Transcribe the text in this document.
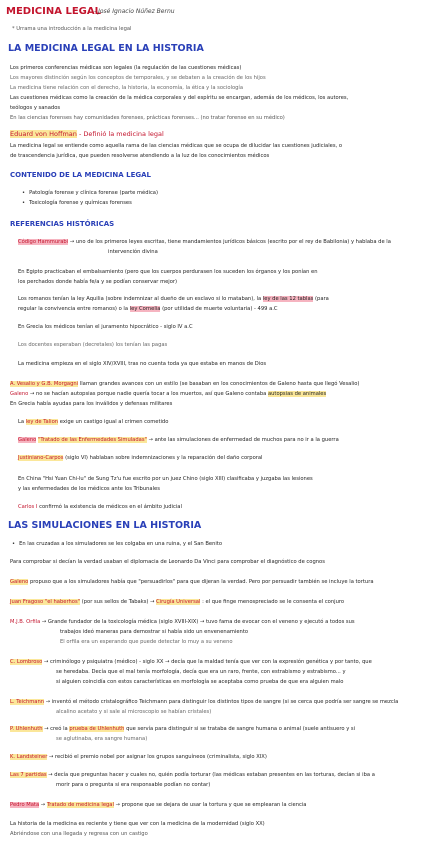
MEDICINA LEGAL
- José Ignacio Núñez Bernu
* Urrama una introducción a la medicina legal
LA MEDICINA LEGAL EN LA HISTORIA
Los primeros conferencias médicas son legales (la regulación de las cuestiones médicas)
Los mayores distinción según los conceptos de temporales, y se debaten a la creación de los hijos
La medicina tiene relación con el derecho, la historia, la economía, la ética y la sociología
Las cuestiones médicas como la creación de la médica corporales y del espíritu se encargan, además de los médicos, los autores,
teólogos y sanados
En las ciencias forenses hay comunidades forenses, prácticas forenses... (no tratar forense en su médico)
Eduard von Hoffman - Definió la medicina legal
La medicina legal se entiende como aquella rama de las ciencias médicas que se ocupa de dilucidar las cuestiones judiciales, o
de trascendencia jurídica, que pueden resolverse atendiendo a la luz de los conocimientos médicos
CONTENIDO DE LA MEDICINA LEGAL
• Patología forense y clínica forense (parte médica)
• Toxicología forense y químicas forenses
REFERENCIAS HISTÓRICAS
Código Hammurabi → uno de los primeros leyes escritas, tiene mandamientos jurídicos básicos (escrito por el rey de Babilonia) y hablaba de la
intervención divina
En Egipto practicaban el embalsamiento (pero que los cuerpos perdurasen los suceden los órganos y los ponían en
los perchados donde había fe/a y se podían conservar mejor)
Los romanos tenían la ley Aquilia (sobre indemnizar al dueño de un esclavo si lo mataban), la ley de las 12 tablas (para
regular la convivencia entre romanos) o la ley Cornelia (por utilidad de muerte voluntaria) - 499 a.C
En Grecia los médicos tenían el juramento hipocrático - siglo IV a.C
Los docentes esperaban (decretales) los tenían las pagas
La medicina empieza en el siglo XIV/XVIII, tras no cuenta toda ya que estaba en manos de Dios
A. Vesalio y G.B. Morgagni llaman grandes avances con un estilo (se basaban en los conocimientos de Galeno hasta que llegó Vesalio)
Galeno → no se hacían autopsias porque nadie quería tocar a los muertos, así que Galeno contaba autopsias de animales
En Grecia había ayudas para los inválidos y defensas militares
La ley de Talion exige un castigo igual al crimen cometido
Galeno "Tratado de las Enfermedades Simuladas" → ante las simulaciones de enfermedad de muchos para no ir a la guerra
Justiniano-Carpos (siglo VI) hablaban sobre indemnizaciones y la reparación del daño corporal
En China "Hsi Yuan Chi-lu" de Sung Tz'u fue escrito por un juez Chino (siglo XIII) clasificaba y juzgaba las lesiones
y las enfermedades de los médicos ante los Tribunales
Carlos I confirmó la existencia de médicos en el ámbito judicial
LAS SIMULACIONES EN LA HISTORIA
• En las cruzadas a los simuladores se les colgaba en una ruina, y el San Benito
Para comprobar si decían la verdad usaban el diplomacia de Leonardo Da Vinci para comprobar el diagnóstico de cognos
Galeno propuso que a los simuladores había que "persuadirlos" para que dijeran la verdad. Pero por persuadir también se incluye la tortura
Juan Fragoso "el haberhos" (por sus sellos de Tabaks) → Cirugía Universal : el que finge menospreciado se le consenta el conjuro
M.J.B. Orfila → Grande fundador de la toxicología médica (siglo XVIII-XIX) → tuvo fama de evocar con el veneno y ejecutó a todos sus
trabajos ideó maneras para demostrar si había sido un envenenamiento
El orfila era un esperando que puede detectar lo muy a su veneno
C. Lombroso → criminólogo y psiquiatra (médico) - siglo XX → decía que la maldad tenía que ver con la expresión genética y por tanto, que
se heredaba. Decía que el mal tenía morfología, decía que era un raro, frente, con estrabismo y estrabismo... y
si alguien coincidía con estos características en morfología se aceptaba como prueba de que era alguien malo
L. Teichmann → inventó el método cristalográfico Teichmann para distinguir los distintos tipos de sangre (si se cerca que podría ser sangre se mezcla
alcalino acetato y si sale al microscopio se habían cristales)
P. Uhlenhuth → creó la prueba de Uhlenhuth que servía para distinguir si se trataba de sangre humana o animal (suele antisuero y si
se aglutinaba, era sangre humana)
K. Landsteiner → recibió el premio nobel por asignar los grupos sanguíneos (criminalista, siglo XIX)
Las 7 partidas → decía que preguntas hacer y cuales no, quién podía torturar (las médicas estaban presentes en las torturas, decían si iba a
morir para o pregunta si era responsable podían no contar)
Pedro Mata → Tratado de medicina legal → propone que se dejara de usar la tortura y que se emplearan la ciencia
La historia de la medicina es reciente y tiene que ver con la medicina de la modernidad (siglo XX)
Abriéndose con una llegada y regresa con un castigo
